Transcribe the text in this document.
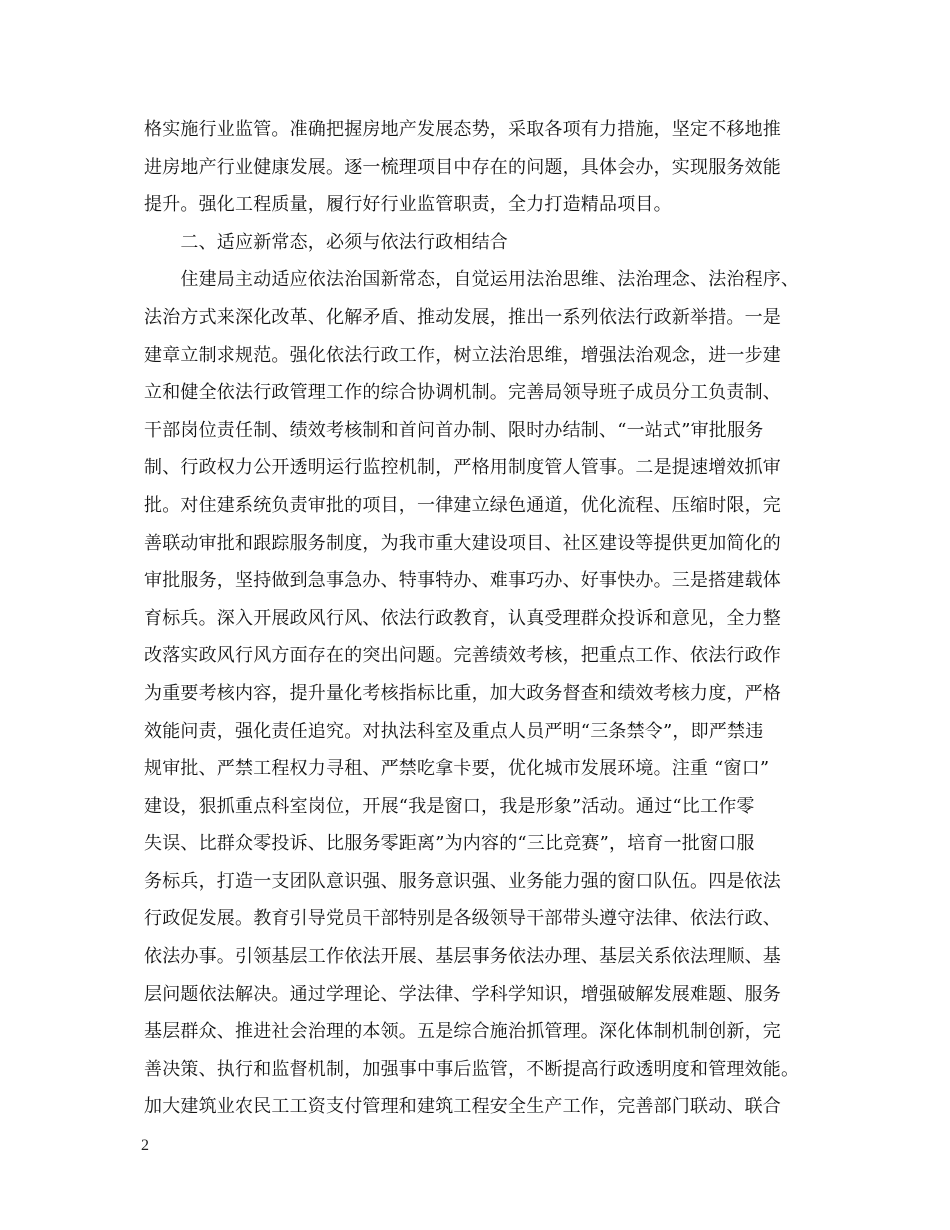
格实施行业监管。准确把握房地产发展态势，采取各项有力措施，坚定不移地推
进房地产行业健康发展。逐一梳理项目中存在的问题，具体会办，实现服务效能
提升。强化工程质量，履行好行业监管职责，全力打造精品项目。
　　二、适应新常态，必须与依法行政相结合
　　住建局主动适应依法治国新常态，自觉运用法治思维、法治理念、法治程序、
法治方式来深化改革、化解矛盾、推动发展，推出一系列依法行政新举措。一是
建章立制求规范。强化依法行政工作，树立法治思维，增强法治观念，进一步建
立和健全依法行政管理工作的综合协调机制。完善局领导班子成员分工负责制、
干部岗位责任制、绩效考核制和首问首办制、限时办结制、“一站式”审批服务
制、行政权力公开透明运行监控机制，严格用制度管人管事。二是提速增效抓审
批。对住建系统负责审批的项目，一律建立绿色通道，优化流程、压缩时限，完
善联动审批和跟踪服务制度，为我市重大建设项目、社区建设等提供更加简化的
审批服务，坚持做到急事急办、特事特办、难事巧办、好事快办。三是搭建载体
育标兵。深入开展政风行风、依法行政教育，认真受理群众投诉和意见，全力整
改落实政风行风方面存在的突出问题。完善绩效考核，把重点工作、依法行政作
为重要考核内容，提升量化考核指标比重，加大政务督查和绩效考核力度，严格
效能问责，强化责任追究。对执法科室及重点人员严明“三条禁令”，即严禁违
规审批、严禁工程权力寻租、严禁吃拿卡要，优化城市发展环境。注重 “窗口”
建设，狠抓重点科室岗位，开展“我是窗口，我是形象”活动。通过“比工作零
失误、比群众零投诉、比服务零距离”为内容的“三比竞赛”，培育一批窗口服
务标兵，打造一支团队意识强、服务意识强、业务能力强的窗口队伍。四是依法
行政促发展。教育引导党员干部特别是各级领导干部带头遵守法律、依法行政、
依法办事。引领基层工作依法开展、基层事务依法办理、基层关系依法理顺、基
层问题依法解决。通过学理论、学法律、学科学知识，增强破解发展难题、服务
基层群众、推进社会治理的本领。五是综合施治抓管理。深化体制机制创新，完
善决策、执行和监督机制，加强事中事后监管，不断提高行政透明度和管理效能。
加大建筑业农民工工资支付管理和建筑工程安全生产工作，完善部门联动、联合
2
